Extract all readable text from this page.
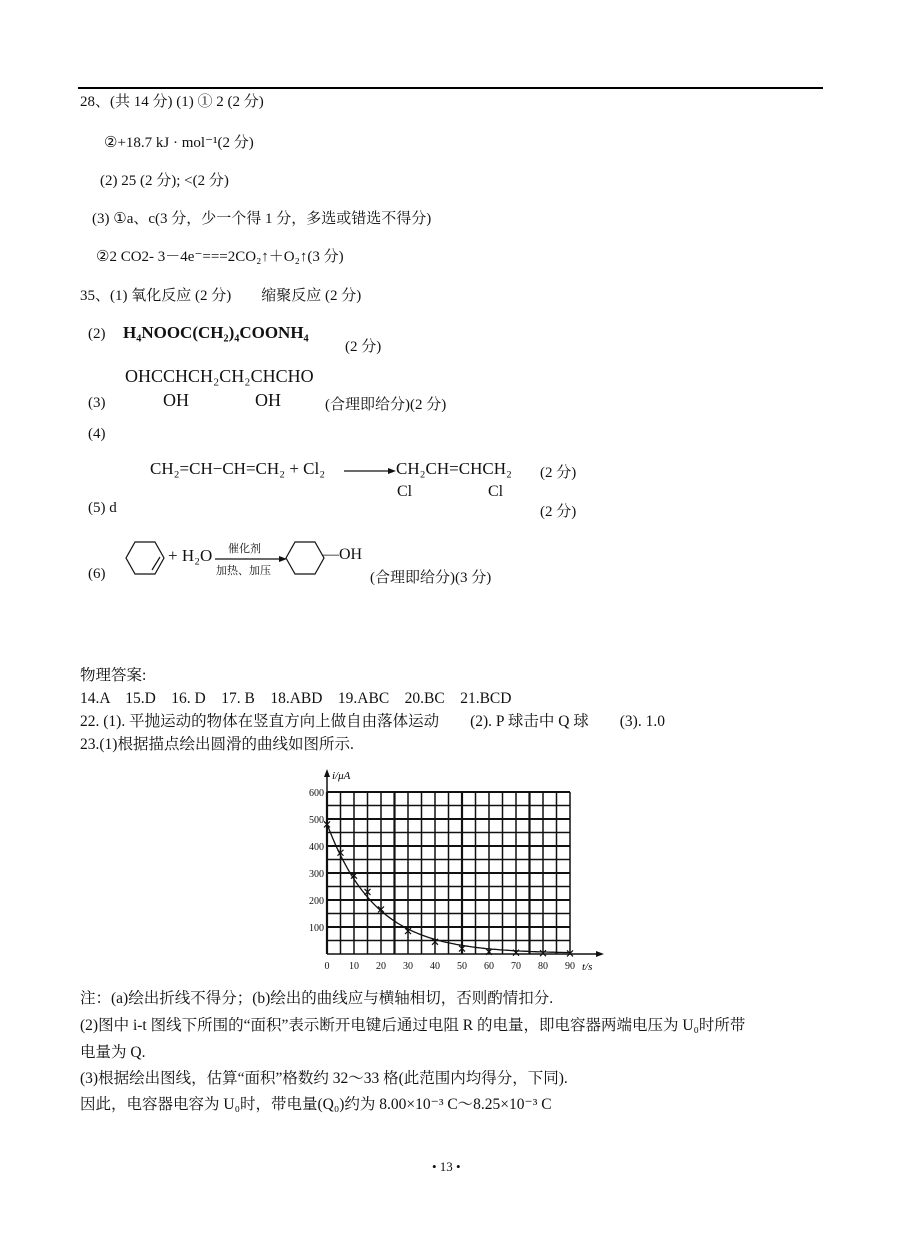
28、(共 14 分) (1) ① 2 (2 分)
②+18.7 kJ · mol⁻¹(2 分)
(2) 25 (2 分); <(2 分)
(3) ①a、c(3 分，少一个得 1 分，多选或错选不得分)
②2 CO2- 3－4e⁻===2CO₂↑＋O₂↑(3 分)
35、(1) 氧化反应 (2 分)　　缩聚反应 (2 分)
(2) H₄NOOC(CH₂)₄COONH₄
(2 分)
OHCCHCH₂CH₂CHCHO
OH	OH
(3)	(合理即给分)(2 分)
(4)
CH₂=CH−CH=CH₂ + Cl₂ → CH₂CH=CHCH₂
Cl	Cl
(2 分)
(5) d	(2 分)
(6)
+ H₂O 催化剂
加热、加压
—OH
(合理即给分)(3 分)
物理答案:
14.A　15.D　16. D　17. B　18.ABD　19.ABC　20.BC　21.BCD
22. (1). 平抛运动的物体在竖直方向上做自由落体运动　　(2). P 球击中 Q 球　　(3). 1.0
23.(1)根据描点绘出圆滑的曲线如图所示.
0 10 20 30 40 50 60 70 80 90
100
200
300
400
500
600
t/s
i/μA
注：(a)绘出折线不得分；(b)绘出的曲线应与横轴相切，否则酌情扣分.
(2)图中 i-t 图线下所围的“面积”表示断开电键后通过电阻 R 的电量，即电容器两端电压为 U₀时所带
电量为 Q.
(3)根据绘出图线，估算“面积”格数约 32～33 格(此范围内均得分，下同).
因此，电容器电容为 U₀时，带电量(Q₀)约为 8.00×10⁻³ C～8.25×10⁻³ C
• 13 •
